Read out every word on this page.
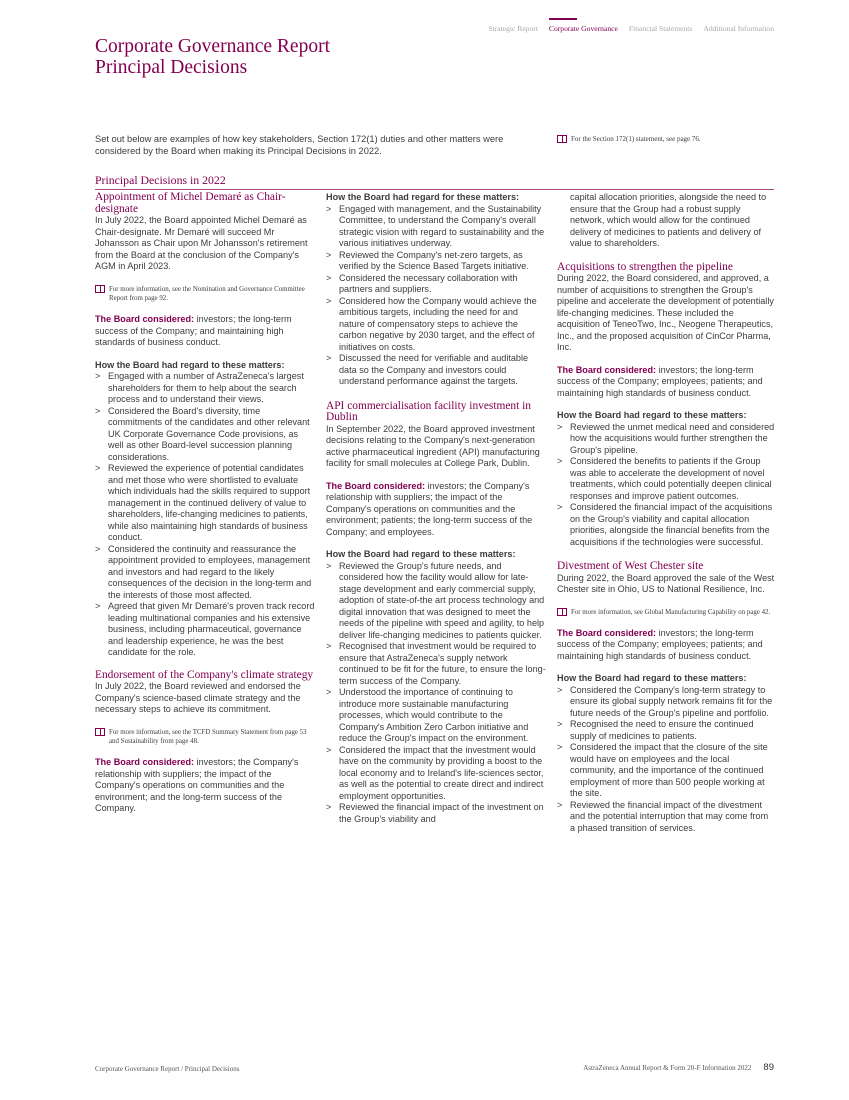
Strategic Report Corporate Governance Financial Statements Additional Information
Corporate Governance Report
Principal Decisions
Set out below are examples of how key stakeholders, Section 172(1) duties and other matters were considered by the Board when making its Principal Decisions in 2022.
For the Section 172(1) statement, see page 76.
Principal Decisions in 2022
Appointment of Michel Demaré as Chair-designate
In July 2022, the Board appointed Michel Demaré as Chair-designate. Mr Demaré will succeed Mr Johansson as Chair upon Mr Johansson's retirement from the Board at the conclusion of the Company's AGM in April 2023.
For more information, see the Nomination and Governance Committee Report from page 92.
The Board considered: investors; the long-term success of the Company; and maintaining high standards of business conduct.
How the Board had regard to these matters:
> Engaged with a number of AstraZeneca's largest shareholders for them to help about the search process and to understand their views.
> Considered the Board's diversity, time commitments of the candidates and other relevant UK Corporate Governance Code provisions, as well as other Board-level succession planning considerations.
> Reviewed the experience of potential candidates and met those who were shortlisted to evaluate which individuals had the skills required to support management in the continued delivery of value to shareholders, life-changing medicines to patients, while also maintaining high standards of business conduct.
> Considered the continuity and reassurance the appointment provided to employees, management and investors and had regard to the likely consequences of the decision in the long-term and the interests of those most affected.
> Agreed that given Mr Demaré's proven track record leading multinational companies and his extensive business, including pharmaceutical, governance and leadership experience, he was the best candidate for the role.
Endorsement of the Company's climate strategy
In July 2022, the Board reviewed and endorsed the Company's science-based climate strategy and the necessary steps to achieve its commitment.
For more information, see the TCFD Summary Statement from page 53 and Sustainability from page 48.
The Board considered: investors; the Company's relationship with suppliers; the impact of the Company's operations on communities and the environment; and the long-term success of the Company.
How the Board had regard for these matters:
> Engaged with management, and the Sustainability Committee, to understand the Company's overall strategic vision with regard to sustainability and the various initiatives underway.
> Reviewed the Company's net-zero targets, as verified by the Science Based Targets initiative.
> Considered the necessary collaboration with partners and suppliers.
> Considered how the Company would achieve the ambitious targets, including the need for and nature of compensatory steps to achieve the carbon negative by 2030 target, and the effect of initiatives on costs.
> Discussed the need for verifiable and auditable data so the Company and investors could understand performance against the targets.
API commercialisation facility investment in Dublin
In September 2022, the Board approved investment decisions relating to the Company's next-generation active pharmaceutical ingredient (API) manufacturing facility for small molecules at College Park, Dublin.
The Board considered: investors; the Company's relationship with suppliers; the impact of the Company's operations on communities and the environment; patients; the long-term success of the Company; and employees.
How the Board had regard to these matters:
> Reviewed the Group's future needs, and considered how the facility would allow for late-stage development and early commercial supply, adoption of state-of-the art process technology and digital innovation that was designed to meet the needs of the pipeline with speed and agility, to help deliver life-changing medicines to patients quicker.
> Recognised that investment would be required to ensure that AstraZeneca's supply network continued to be fit for the future, to ensure the long-term success of the Company.
> Understood the importance of continuing to introduce more sustainable manufacturing processes, which would contribute to the Company's Ambition Zero Carbon initiative and reduce the Group's impact on the environment.
> Considered the impact that the investment would have on the community by providing a boost to the local economy and to Ireland's life-sciences sector, as well as the potential to create direct and indirect employment opportunities.
> Reviewed the financial impact of the investment on the Group's viability and
capital allocation priorities, alongside the need to ensure that the Group had a robust supply network, which would allow for the continued delivery of medicines to patients and delivery of value to shareholders.
Acquisitions to strengthen the pipeline
During 2022, the Board considered, and approved, a number of acquisitions to strengthen the Group's pipeline and accelerate the development of potentially life-changing medicines. These included the acquisition of TeneoTwo, Inc., Neogene Therapeutics, Inc., and the proposed acquisition of CinCor Pharma, Inc.
The Board considered: investors; the long-term success of the Company; employees; patients; and maintaining high standards of business conduct.
How the Board had regard to these matters:
> Reviewed the unmet medical need and considered how the acquisitions would further strengthen the Group's pipeline.
> Considered the benefits to patients if the Group was able to accelerate the development of novel treatments, which could potentially deepen clinical responses and improve patient outcomes.
> Considered the financial impact of the acquisitions on the Group's viability and capital allocation priorities, alongside the financial benefits from the acquisitions if the technologies were successful.
Divestment of West Chester site
During 2022, the Board approved the sale of the West Chester site in Ohio, US to National Resilience, Inc.
For more information, see Global Manufacturing Capability on page 42.
The Board considered: investors; the long-term success of the Company; employees; patients; and maintaining high standards of business conduct.
How the Board had regard to these matters:
> Considered the Company's long-term strategy to ensure its global supply network remains fit for the future needs of the Group's pipeline and portfolio.
> Recognised the need to ensure the continued supply of medicines to patients.
> Considered the impact that the closure of the site would have on employees and the local community, and the importance of the continued employment of more than 500 people working at the site.
> Reviewed the financial impact of the divestment and the potential interruption that may come from a phased transition of services.
Corporate Governance Report / Principal Decisions	AstraZeneca Annual Report & Form 20-F Information 2022 89
